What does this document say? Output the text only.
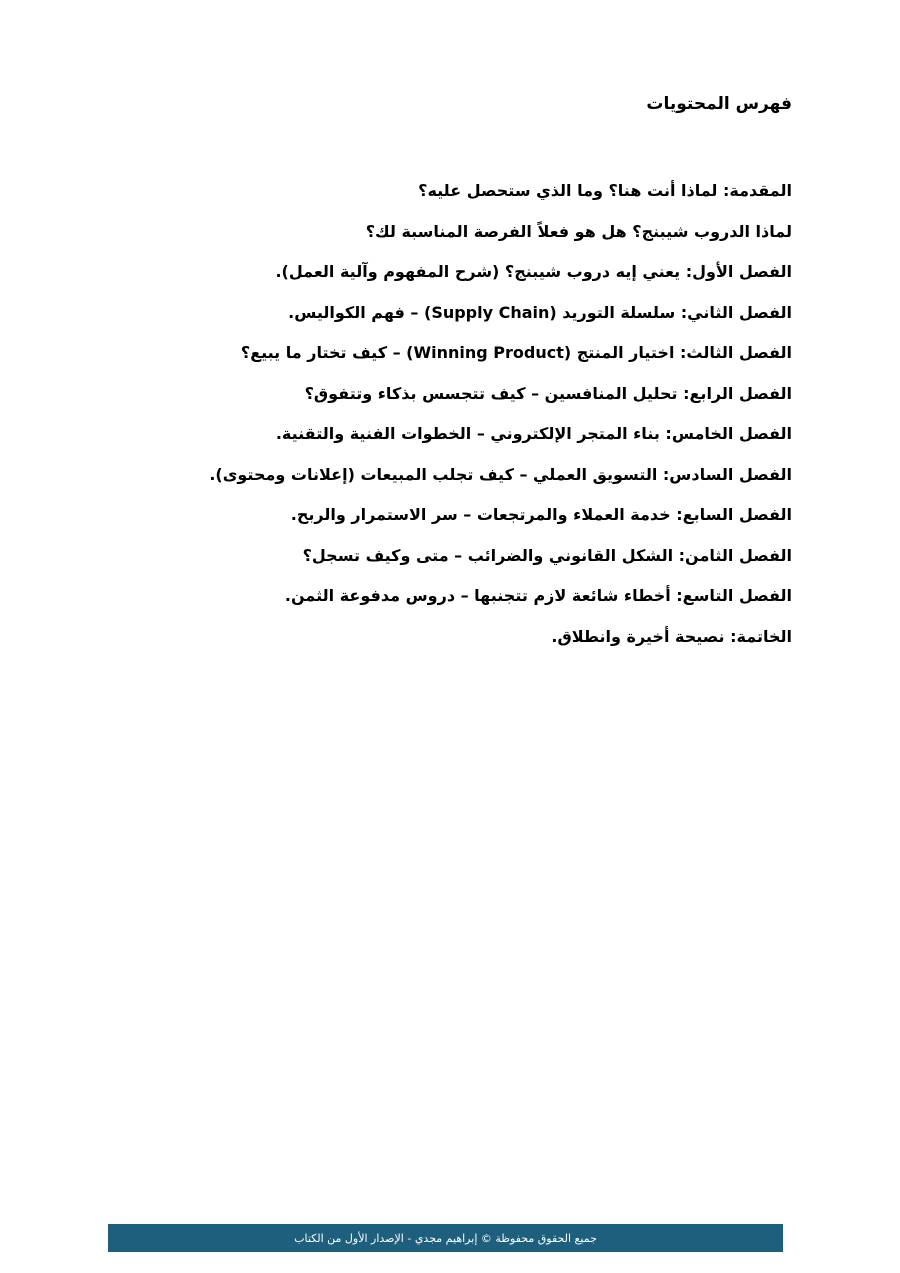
فهرس المحتويات
المقدمة: لماذا أنت هنا؟ وما الذي ستحصل عليه؟
لماذا الدروب شيبنج؟ هل هو فعلاً الفرصة المناسبة لك؟
الفصل الأول: يعني إيه دروب شيبنج؟ (شرح المفهوم وآلية العمل).
الفصل الثاني: سلسلة التوريد (Supply Chain) – فهم الكواليس.
الفصل الثالث: اختيار المنتج (Winning Product) – كيف تختار ما يبيع؟
الفصل الرابع: تحليل المنافسين – كيف تتجسس بذكاء وتتفوق؟
الفصل الخامس: بناء المتجر الإلكتروني – الخطوات الفنية والتقنية.
الفصل السادس: التسويق العملي – كيف تجلب المبيعات (إعلانات ومحتوى).
الفصل السابع: خدمة العملاء والمرتجعات – سر الاستمرار والربح.
الفصل الثامن: الشكل القانوني والضرائب – متى وكيف تسجل؟
الفصل التاسع: أخطاء شائعة لازم تتجنبها – دروس مدفوعة الثمن.
الخاتمة: نصيحة أخيرة وانطلاق.
جميع الحقوق محفوظة © إبراهيم مجدي - الإصدار الأول من الكتاب
